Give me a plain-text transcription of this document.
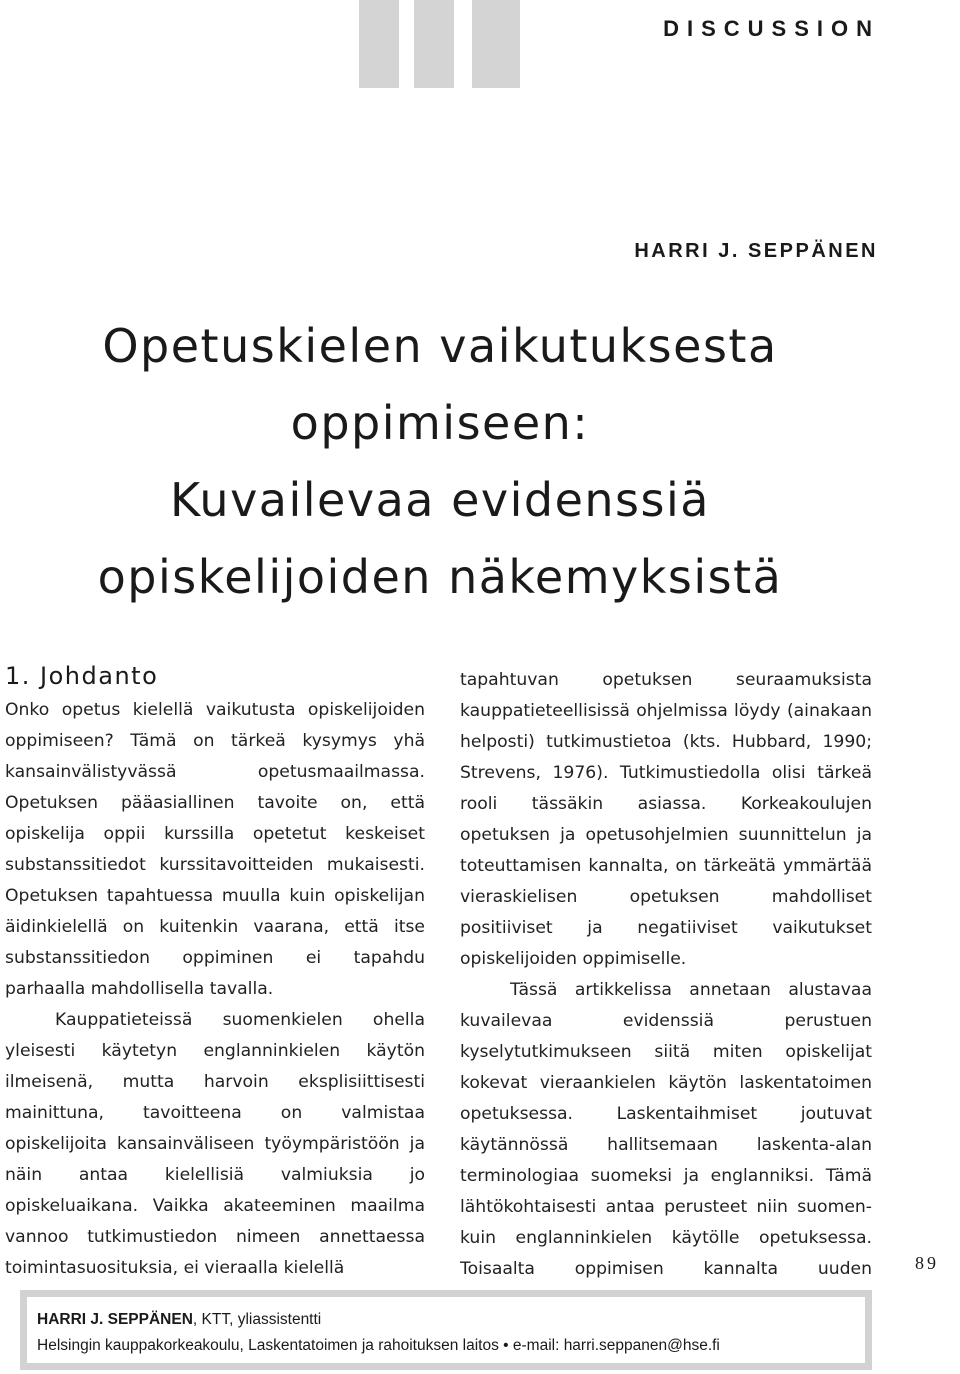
DISCUSSION
HARRI J. SEPPÄNEN
Opetuskielen vaikutuksesta
oppimiseen:
Kuvailevaa evidenssiä
opiskelijoiden näkemyksistä
1. Johdanto

Onko opetus kielellä vaikutusta opiskelijoiden oppimiseen? Tämä on tärkeä kysymys yhä kansainvälistyvässä opetusmaailmassa. Opetuksen pääasiallinen tavoite on, että opiskelija oppii kurssilla opetetut keskeiset substanssitiedot kurssitavoitteiden mukaisesti. Opetuksen tapahtuessa muulla kuin opiskelijan äidinkielellä on kuitenkin vaarana, että itse substanssitiedon oppiminen ei tapahdu parhaalla mahdollisella tavalla.

Kauppatieteissä suomenkielen ohella yleisesti käytetyn englanninkielen käytön ilmeisenä, mutta harvoin eksplisiittisesti mainittuna, tavoitteena on valmistaa opiskelijoita kansainväliseen työympäristöön ja näin antaa kielellisiä valmiuksia jo opiskeluaikana. Vaikka akateeminen maailma vannoo tutkimustiedon nimeen annettaessa toimintasuosituksia, ei vieraalla kielellä

tapahtuvan opetuksen seuraamuksista kauppatieteellisissä ohjelmissa löydy (ainakaan helposti) tutkimustietoa (kts. Hubbard, 1990; Strevens, 1976). Tutkimustiedolla olisi tärkeä rooli tässäkin asiassa. Korkeakoulujen opetuksen ja opetusohjelmien suunnittelun ja toteuttamisen kannalta, on tärkeätä ymmärtää vieraskielisen opetuksen mahdolliset positiiviset ja negatiiviset vaikutukset opiskelijoiden oppimiselle.

Tässä artikkelissa annetaan alustavaa kuvailevaa evidenssiä perustuen kyselytutkimukseen siitä miten opiskelijat kokevat vieraankielen käytön laskentatoimen opetuksessa. Laskentaihmiset joutuvat käytännössä hallitsemaan laskenta-alan terminologiaa suomeksi ja englanniksi. Tämä lähtökohtaisesti antaa perusteet niin suomen- kuin englanninkielen käytölle opetuksessa. Toisaalta oppimisen kannalta uuden 89
HARRI J. SEPPÄNEN, KTT, yliassistentti
Helsingin kauppakorkeakoulu, Laskentatoimen ja rahoituksen laitos • e-mail: harri.seppanen@hse.fi
